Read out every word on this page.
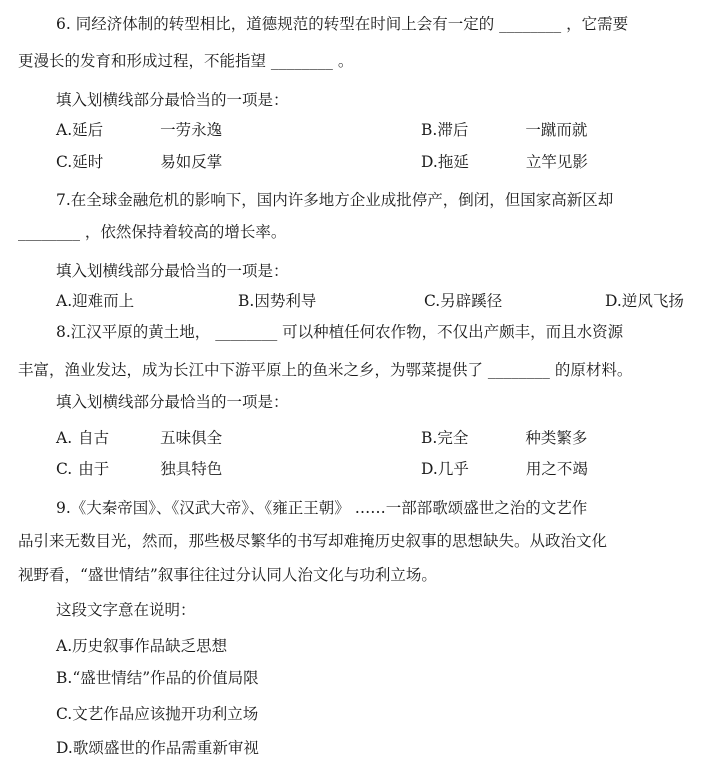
6. 同经济体制的转型相比，道德规范的转型在时间上会有一定的 ________ ，它需要
更漫长的发育和形成过程，不能指望 ________ 。
填入划横线部分最恰当的一项是：
A.延后	一劳永逸	B.滞后	一蹴而就
C.延时	易如反掌	D.拖延	立竿见影
7.在全球金融危机的影响下，国内许多地方企业成批停产，倒闭，但国家高新区却
________ ，依然保持着较高的增长率。
填入划横线部分最恰当的一项是：
A.迎难而上	B.因势利导	C.另辟蹊径	D.逆风飞扬
8.江汉平原的黄土地， ________ 可以种植任何农作物，不仅出产颇丰，而且水资源
丰富，渔业发达，成为长江中下游平原上的鱼米之乡，为鄂菜提供了 ________ 的原材料。
填入划横线部分最恰当的一项是：
A. 自古	五味俱全	B.完全	种类繁多
C. 由于	独具特色	D.几乎	用之不竭
9.《大秦帝国》、《汉武大帝》、《雍正王朝》 ……一部部歌颂盛世之治的文艺作
品引来无数目光，然而，那些极尽繁华的书写却难掩历史叙事的思想缺失。从政治文化
视野看，“盛世情结”叙事往往过分认同人治文化与功利立场。
这段文字意在说明：
A.历史叙事作品缺乏思想
B.“盛世情结”作品的价值局限
C.文艺作品应该抛开功利立场
D.歌颂盛世的作品需重新审视
